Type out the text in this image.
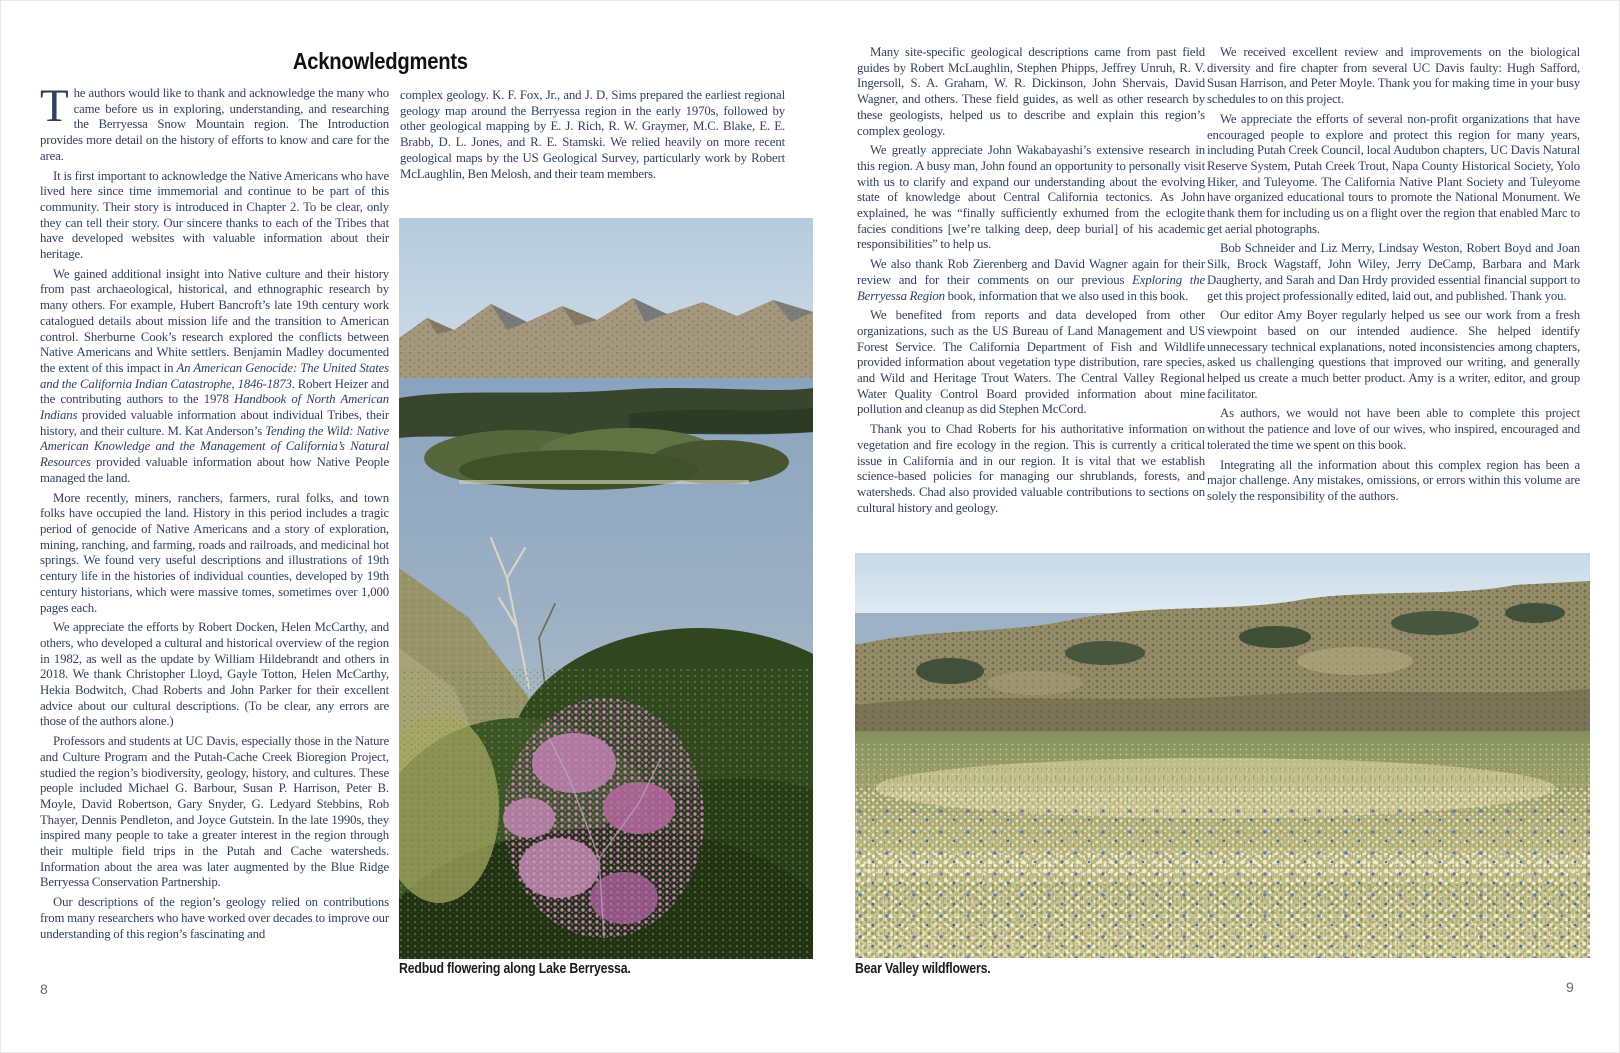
Acknowledgments

The authors would like to thank and acknowledge the many who came before us in exploring, understanding, and researching the Berryessa Snow Mountain region. The Introduction provides more detail on the history of efforts to know and care for the area.

It is first important to acknowledge the Native Americans who have lived here since time immemorial and continue to be part of this community. Their story is introduced in Chapter 2. To be clear, only they can tell their story. Our sincere thanks to each of the Tribes that have developed websites with valuable information about their heritage.

We gained additional insight into Native culture and their history from past archaeological, historical, and ethnographic research by many others. For example, Hubert Bancroft’s late 19th century work catalogued details about mission life and the transition to American control. Sherburne Cook’s research explored the conflicts between Native Americans and White settlers. Benjamin Madley documented the extent of this impact in An American Genocide: The United States and the California Indian Catastrophe, 1846-1873. Robert Heizer and the contributing authors to the 1978 Handbook of North American Indians provided valuable information about individual Tribes, their history, and their culture. M. Kat Anderson’s Tending the Wild: Native American Knowledge and the Management of California’s Natural Resources provided valuable information about how Native People managed the land.

More recently, miners, ranchers, farmers, rural folks, and town folks have occupied the land. History in this period includes a tragic period of genocide of Native Americans and a story of exploration, mining, ranching, and farming, roads and railroads, and medicinal hot springs. We found very useful descriptions and illustrations of 19th century life in the histories of individual counties, developed by 19th century historians, which were massive tomes, sometimes over 1,000 pages each.

We appreciate the efforts by Robert Docken, Helen McCarthy, and others, who developed a cultural and historical overview of the region in 1982, as well as the update by William Hildebrandt and others in 2018. We thank Christopher Lloyd, Gayle Totton, Helen McCarthy, Hekia Bodwitch, Chad Roberts and John Parker for their excellent advice about our cultural descriptions. (To be clear, any errors are those of the authors alone.)

Professors and students at UC Davis, especially those in the Nature and Culture Program and the Putah-Cache Creek Bioregion Project, studied the region’s biodiversity, geology, history, and cultures. These people included Michael G. Barbour, Susan P. Harrison, Peter B. Moyle, David Robertson, Gary Snyder, G. Ledyard Stebbins, Rob Thayer, Dennis Pendleton, and Joyce Gutstein. In the late 1990s, they inspired many people to take a greater interest in the region through their multiple field trips in the Putah and Cache watersheds. Information about the area was later augmented by the Blue Ridge Berryessa Conservation Partnership.

Our descriptions of the region’s geology relied on contributions from many researchers who have worked over decades to improve our understanding of this region’s fascinating and

complex geology. K. F. Fox, Jr., and J. D. Sims prepared the earliest regional geology map around the Berryessa region in the early 1970s, followed by other geological mapping by E. J. Rich, R. W. Graymer, M.C. Blake, E. E. Brabb, D. L. Jones, and R. E. Stamski. We relied heavily on more recent geological maps by the US Geological Survey, particularly work by Robert McLaughlin, Ben Melosh, and their team members.

Redbud flowering along Lake Berryessa.
8

Many site-specific geological descriptions came from past field guides by Robert McLaughlin, Stephen Phipps, Jeffrey Unruh, R. V. Ingersoll, S. A. Graham, W. R. Dickinson, John Shervais, David Wagner, and others. These field guides, as well as other research by these geologists, helped us to describe and explain this region’s complex geology.

We greatly appreciate John Wakabayashi’s extensive research in this region. A busy man, John found an opportunity to personally visit with us to clarify and expand our understanding about the evolving state of knowledge about Central California tectonics. As John explained, he was “finally sufficiently exhumed from the eclogite facies conditions [we’re talking deep, deep burial] of his academic responsibilities” to help us.

We also thank Rob Zierenberg and David Wagner again for their review and for their comments on our previous Exploring the Berryessa Region book, information that we also used in this book.

We benefited from reports and data developed from other organizations, such as the US Bureau of Land Management and US Forest Service. The California Department of Fish and Wildlife provided information about vegetation type distribution, rare species, and Wild and Heritage Trout Waters. The Central Valley Regional Water Quality Control Board provided information about mine pollution and cleanup as did Stephen McCord.

Thank you to Chad Roberts for his authoritative information on vegetation and fire ecology in the region. This is currently a critical issue in California and in our region. It is vital that we establish science-based policies for managing our shrublands, forests, and watersheds. Chad also provided valuable contributions to sections on cultural history and geology.

We received excellent review and improvements on the biological diversity and fire chapter from several UC Davis faulty: Hugh Safford, Susan Harrison, and Peter Moyle. Thank you for making time in your busy schedules to on this project.

We appreciate the efforts of several non-profit organizations that have encouraged people to explore and protect this region for many years, including Putah Creek Council, local Audubon chapters, UC Davis Natural Reserve System, Putah Creek Trout, Napa County Historical Society, Yolo Hiker, and Tuleyome. The California Native Plant Society and Tuleyome have organized educational tours to promote the National Monument. We thank them for including us on a flight over the region that enabled Marc to get aerial photographs.

Bob Schneider and Liz Merry, Lindsay Weston, Robert Boyd and Joan Silk, Brock Wagstaff, John Wiley, Jerry DeCamp, Barbara and Mark Daugherty, and Sarah and Dan Hrdy provided essential financial support to get this project professionally edited, laid out, and published. Thank you.

Our editor Amy Boyer regularly helped us see our work from a fresh viewpoint based on our intended audience. She helped identify unnecessary technical explanations, noted inconsistencies among chapters, asked us challenging questions that improved our writing, and generally helped us create a much better product. Amy is a writer, editor, and group facilitator.

As authors, we would not have been able to complete this project without the patience and love of our wives, who inspired, encouraged and tolerated the time we spent on this book.

Integrating all the information about this complex region has been a major challenge. Any mistakes, omissions, or errors within this volume are solely the responsibility of the authors.

Bear Valley wildflowers.
9
